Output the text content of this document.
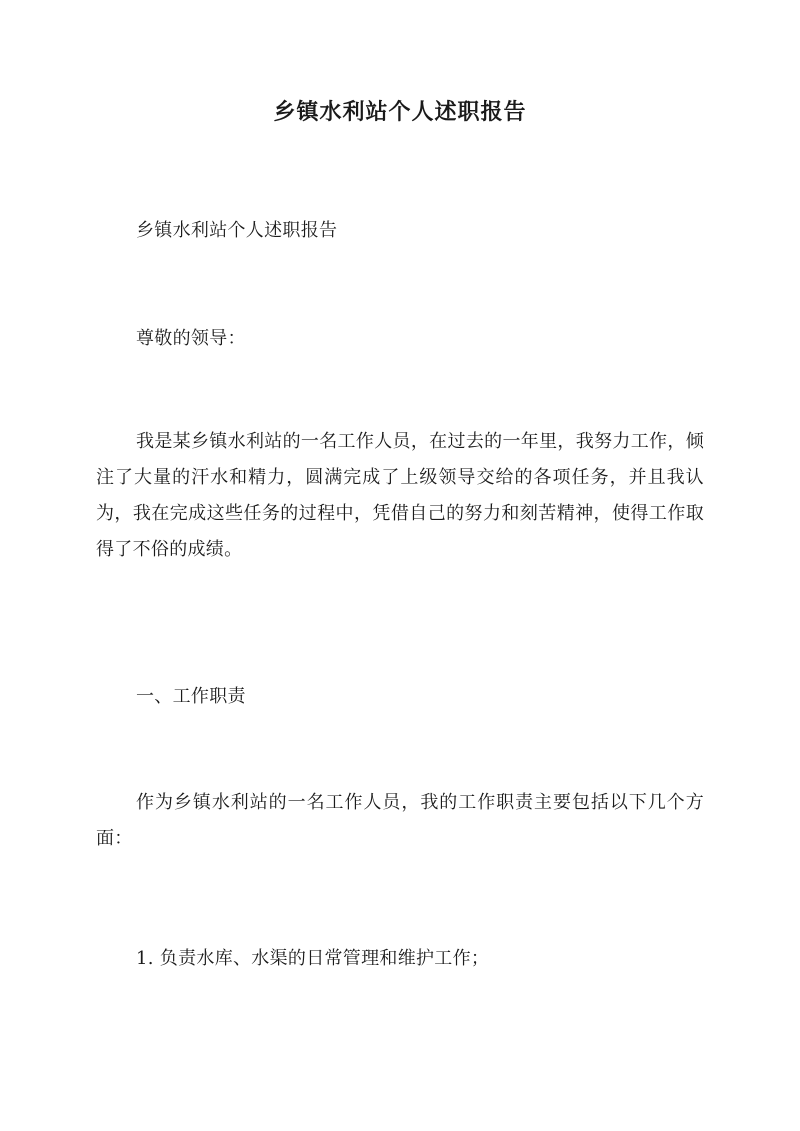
乡镇水利站个人述职报告

乡镇水利站个人述职报告

尊敬的领导：

我是某乡镇水利站的一名工作人员，在过去的一年里，我努力工作，倾注了大量的汗水和精力，圆满完成了上级领导交给的各项任务，并且我认为，我在完成这些任务的过程中，凭借自己的努力和刻苦精神，使得工作取得了不俗的成绩。

一、工作职责

作为乡镇水利站的一名工作人员，我的工作职责主要包括以下几个方面：

1. 负责水库、水渠的日常管理和维护工作；
